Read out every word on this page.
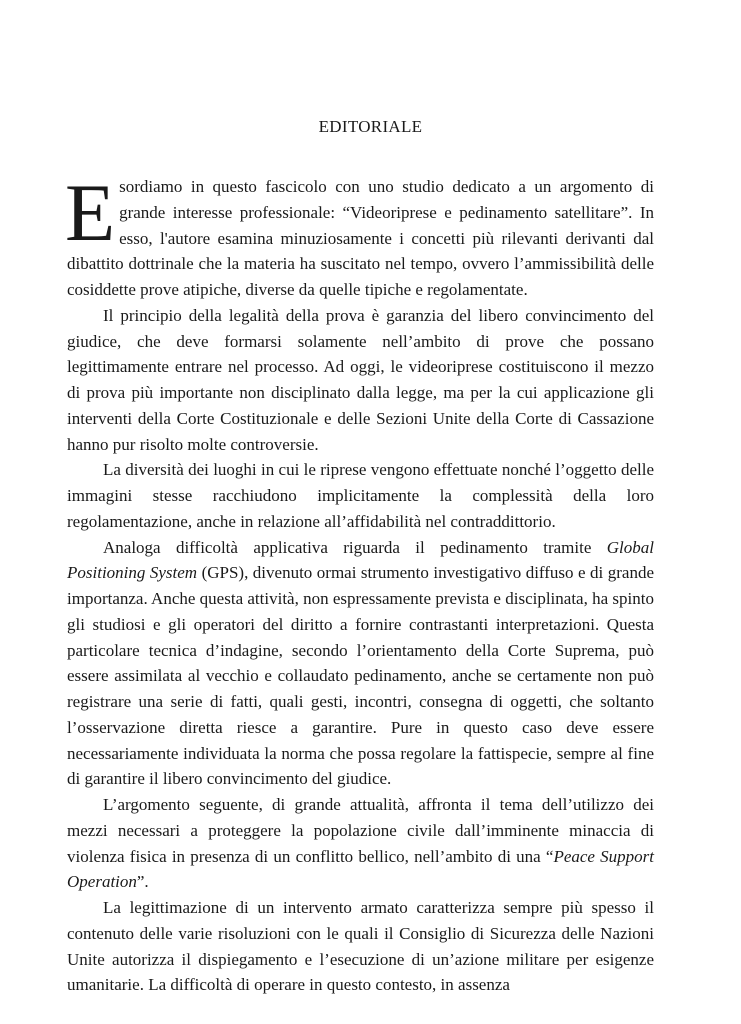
EDITORIALE

Esordiamo in questo fascicolo con uno studio dedicato a un argomento di grande interesse professionale: “Videoriprese e pedinamento satellitare”. In esso, l'autore esamina minuziosamente i concetti più rilevanti derivanti dal dibattito dottrinale che la materia ha suscitato nel tempo, ovvero l’ammissibilità delle cosiddette prove atipiche, diverse da quelle tipiche e regolamentate.

Il principio della legalità della prova è garanzia del libero convincimento del giudice, che deve formarsi solamente nell’ambito di prove che possano legittimamente entrare nel processo. Ad oggi, le videoriprese costituiscono il mezzo di prova più importante non disciplinato dalla legge, ma per la cui applicazione gli interventi della Corte Costituzionale e delle Sezioni Unite della Corte di Cassazione hanno pur risolto molte controversie.

La diversità dei luoghi in cui le riprese vengono effettuate nonché l’oggetto delle immagini stesse racchiudono implicitamente la complessità della loro regolamentazione, anche in relazione all’affidabilità nel contraddittorio.

Analoga difficoltà applicativa riguarda il pedinamento tramite Global Positioning System (GPS), divenuto ormai strumento investigativo diffuso e di grande importanza. Anche questa attività, non espressamente prevista e disciplinata, ha spinto gli studiosi e gli operatori del diritto a fornire contrastanti interpretazioni. Questa particolare tecnica d’indagine, secondo l’orientamento della Corte Suprema, può essere assimilata al vecchio e collaudato pedinamento, anche se certamente non può registrare una serie di fatti, quali gesti, incontri, consegna di oggetti, che soltanto l’osservazione diretta riesce a garantire. Pure in questo caso deve essere necessariamente individuata la norma che possa regolare la fattispecie, sempre al fine di garantire il libero convincimento del giudice.

L’argomento seguente, di grande attualità, affronta il tema dell’utilizzo dei mezzi necessari a proteggere la popolazione civile dall’imminente minaccia di violenza fisica in presenza di un conflitto bellico, nell’ambito di una “Peace Support Operation”.

La legittimazione di un intervento armato caratterizza sempre più spesso il contenuto delle varie risoluzioni con le quali il Consiglio di Sicurezza delle Nazioni Unite autorizza il dispiegamento e l’esecuzione di un’azione militare per esigenze umanitarie. La difficoltà di operare in questo contesto, in assenza
